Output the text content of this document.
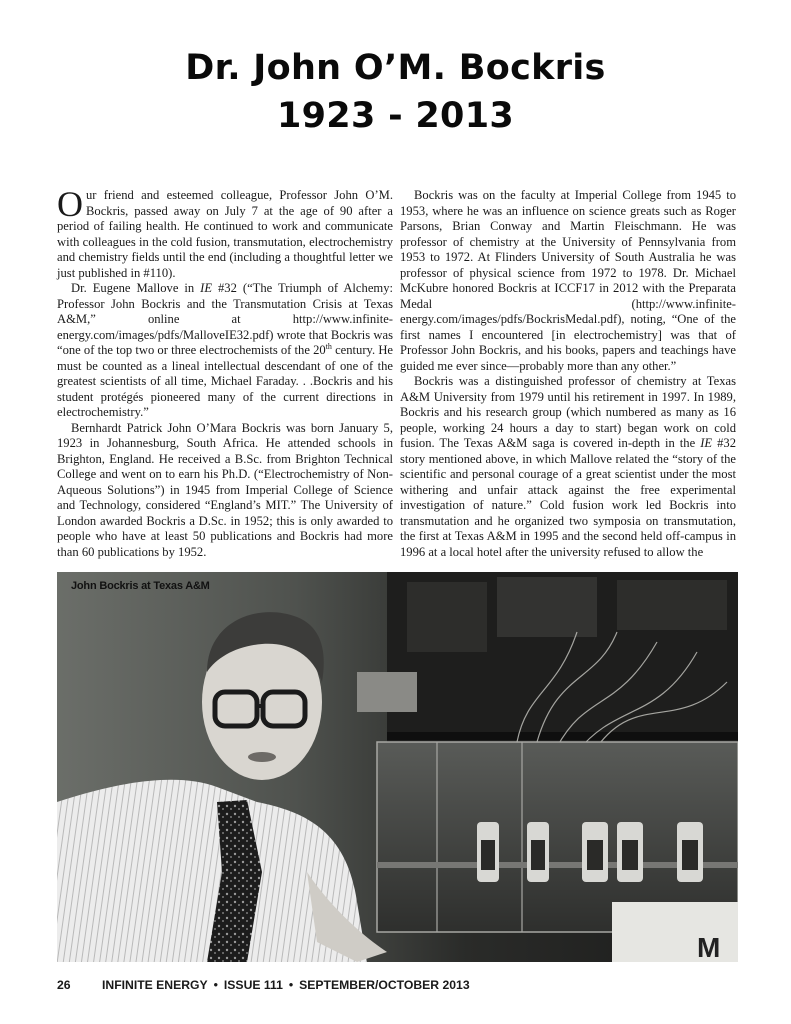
Dr. John O’M. Bockris
1923 - 2013

Our friend and esteemed colleague, Professor John O’M. Bockris, passed away on July 7 at the age of 90 after a period of failing health. He continued to work and communicate with colleagues in the cold fusion, transmutation, electrochemistry and chemistry fields until the end (including a thoughtful letter we just published in #110).

Dr. Eugene Mallove in IE #32 (“The Triumph of Alchemy: Professor John Bockris and the Transmutation Crisis at Texas A&M,” online at http://www.infinite-energy.com/images/pdfs/MalloveIE32.pdf) wrote that Bockris was “one of the top two or three electrochemists of the 20th century. He must be counted as a lineal intellectual descendant of one of the greatest scientists of all time, Michael Faraday. . .Bockris and his student protégés pioneered many of the current directions in electrochemistry.”

Bernhardt Patrick John O’Mara Bockris was born January 5, 1923 in Johannesburg, South Africa. He attended schools in Brighton, England. He received a B.Sc. from Brighton Technical College and went on to earn his Ph.D. (“Electrochemistry of Non-Aqueous Solutions”) in 1945 from Imperial College of Science and Technology, considered “England’s MIT.” The University of London awarded Bockris a D.Sc. in 1952; this is only awarded to people who have at least 50 publications and Bockris had more than 60 publications by 1952.

Bockris was on the faculty at Imperial College from 1945 to 1953, where he was an influence on science greats such as Roger Parsons, Brian Conway and Martin Fleischmann. He was professor of chemistry at the University of Pennsylvania from 1953 to 1972. At Flinders University of South Australia he was professor of physical science from 1972 to 1978. Dr. Michael McKubre honored Bockris at ICCF17 in 2012 with the Preparata Medal (http://www.infinite-energy.com/images/pdfs/BockrisMedal.pdf), noting, “One of the first names I encountered [in electrochemistry] was that of Professor John Bockris, and his books, papers and teachings have guided me ever since—probably more than any other.”

Bockris was a distinguished professor of chemistry at Texas A&M University from 1979 until his retirement in 1997. In 1989, Bockris and his research group (which numbered as many as 16 people, working 24 hours a day to start) began work on cold fusion. The Texas A&M saga is covered in-depth in the IE #32 story mentioned above, in which Mallove related the “story of the scientific and personal courage of a great scientist under the most withering and unfair attack against the free experimental investigation of nature.” Cold fusion work led Bockris into transmutation and he organized two symposia on transmutation, the first at Texas A&M in 1995 and the second held off-campus in 1996 at a local hotel after the university refused to allow the

M
John Bockris at Texas A&M
26	INFINITE ENERGY • ISSUE 111 • SEPTEMBER/OCTOBER 2013
